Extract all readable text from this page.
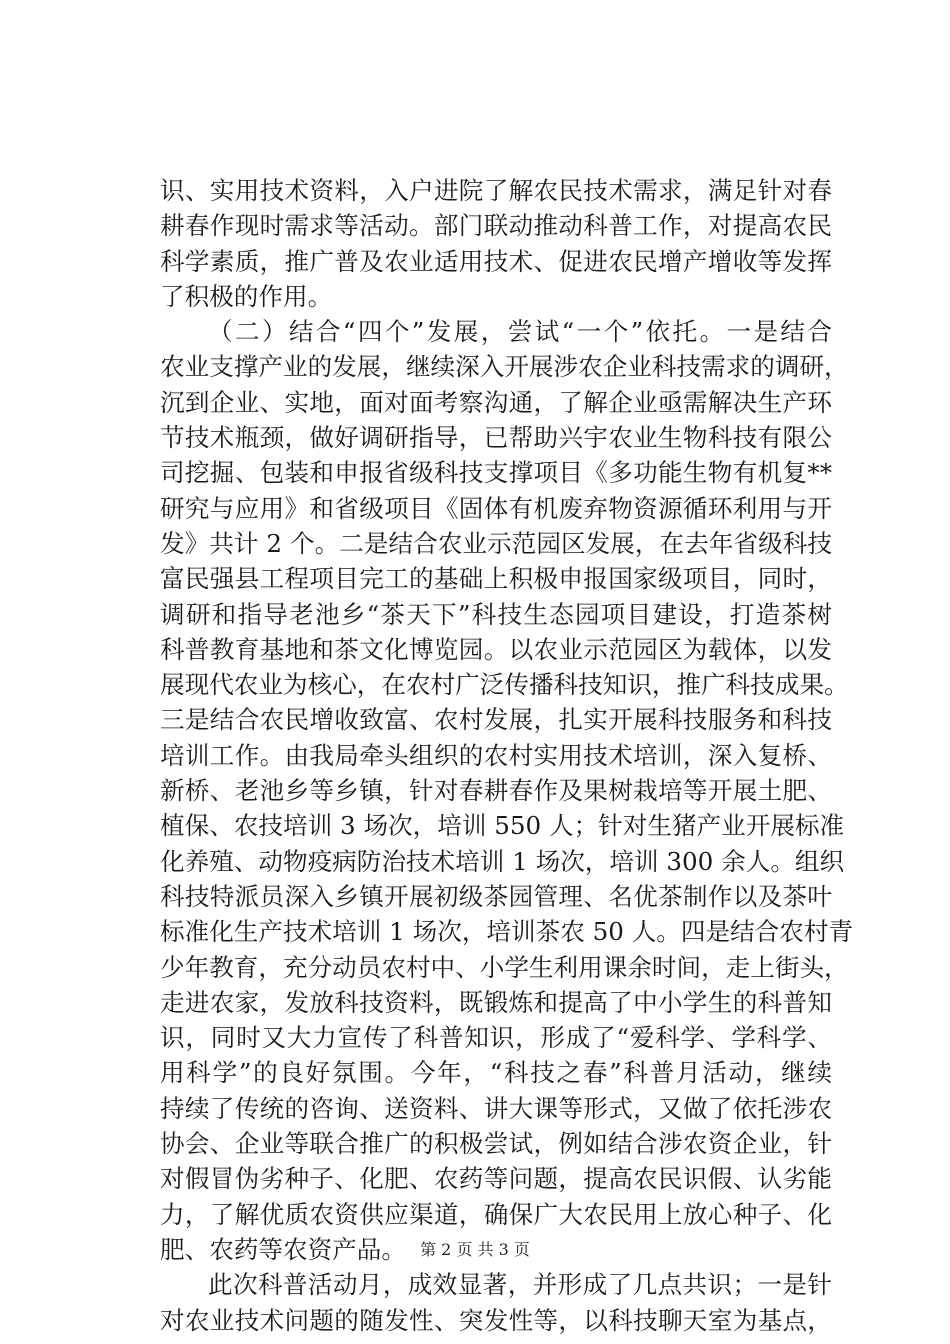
识、实用技术资料，入户进院了解农民技术需求，满足针对春
耕春作现时需求等活动。部门联动推动科普工作，对提高农民
科学素质，推广普及农业适用技术、促进农民增产增收等发挥
了积极的作用。
（二）结合“四个”发展，尝试“一个”依托。一是结合
农业支撑产业的发展，继续深入开展涉农企业科技需求的调研，
沉到企业、实地，面对面考察沟通，了解企业亟需解决生产环
节技术瓶颈，做好调研指导，已帮助兴宇农业生物科技有限公
司挖掘、包装和申报省级科技支撑项目《多功能生物有机复**
研究与应用》和省级项目《固体有机废弃物资源循环利用与开
发》共计 2 个。二是结合农业示范园区发展，在去年省级科技
富民强县工程项目完工的基础上积极申报国家级项目，同时，
调研和指导老池乡“茶天下”科技生态园项目建设，打造茶树
科普教育基地和茶文化博览园。以农业示范园区为载体，以发
展现代农业为核心，在农村广泛传播科技知识，推广科技成果。
三是结合农民增收致富、农村发展，扎实开展科技服务和科技
培训工作。由我局牵头组织的农村实用技术培训，深入复桥、
新桥、老池乡等乡镇，针对春耕春作及果树栽培等开展土肥、
植保、农技培训 3 场次，培训 550 人；针对生猪产业开展标准
化养殖、动物疫病防治技术培训 1 场次，培训 300 余人。组织
科技特派员深入乡镇开展初级茶园管理、名优茶制作以及茶叶
标准化生产技术培训 1 场次，培训茶农 50 人。四是结合农村青
少年教育，充分动员农村中、小学生利用课余时间，走上街头，
走进农家，发放科技资料，既锻炼和提高了中小学生的科普知
识，同时又大力宣传了科普知识，形成了“爱科学、学科学、
用科学”的良好氛围。今年，“科技之春”科普月活动，继续
持续了传统的咨询、送资料、讲大课等形式，又做了依托涉农
协会、企业等联合推广的积极尝试，例如结合涉农资企业，针
对假冒伪劣种子、化肥、农药等问题，提高农民识假、认劣能
力，了解优质农资供应渠道，确保广大农民用上放心种子、化
肥、农药等农资产品。
此次科普活动月，成效显著，并形成了几点共识；一是针
对农业技术问题的随发性、突发性等，以科技聊天室为基点，
第 2 页 共 3 页
